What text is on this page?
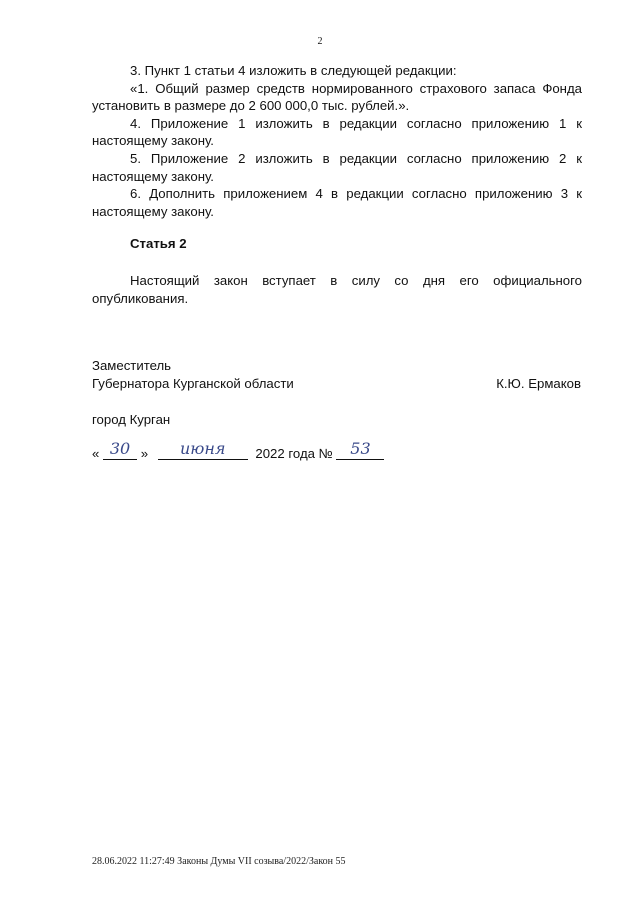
2

3. Пункт 1 статьи 4 изложить в следующей редакции:

«1. Общий размер средств нормированного страхового запаса Фонда установить в размере до 2 600 000,0 тыс. рублей.».

4. Приложение 1 изложить в редакции согласно приложению 1 к настоящему закону.

5. Приложение 2 изложить в редакции согласно приложению 2 к настоящему закону.

6. Дополнить приложением 4 в редакции согласно приложению 3 к настоящему закону.

Статья 2

Настоящий закон вступает в силу со дня его официального опубликования.

Заместитель
Губернатора Курганской области	К.Ю. Ермаков
город Курган
« 30 » июня 2022 года № 53
28.06.2022 11:27:49 Законы Думы VII созыва/2022/Закон 55
